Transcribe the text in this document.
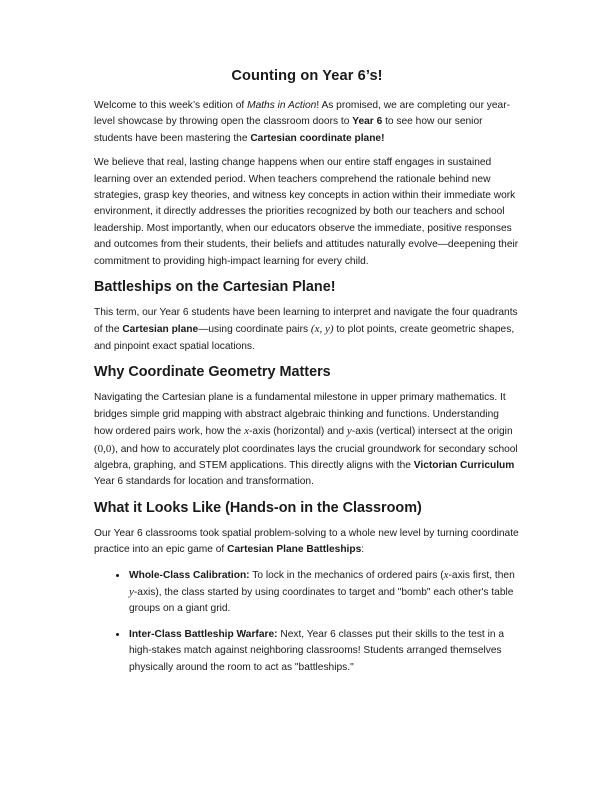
Counting on Year 6’s!

Welcome to this week’s edition of Maths in Action! As promised, we are completing our year-level showcase by throwing open the classroom doors to Year 6 to see how our senior students have been mastering the Cartesian coordinate plane!

We believe that real, lasting change happens when our entire staff engages in sustained learning over an extended period. When teachers comprehend the rationale behind new strategies, grasp key theories, and witness key concepts in action within their immediate work environment, it directly addresses the priorities recognized by both our teachers and school leadership. Most importantly, when our educators observe the immediate, positive responses and outcomes from their students, their beliefs and attitudes naturally evolve—deepening their commitment to providing high-impact learning for every child.

Battleships on the Cartesian Plane!

This term, our Year 6 students have been learning to interpret and navigate the four quadrants of the Cartesian plane—using coordinate pairs (x, y) to plot points, create geometric shapes, and pinpoint exact spatial locations.

Why Coordinate Geometry Matters

Navigating the Cartesian plane is a fundamental milestone in upper primary mathematics. It bridges simple grid mapping with abstract algebraic thinking and functions. Understanding how ordered pairs work, how the x-axis (horizontal) and y-axis (vertical) intersect at the origin (0,0), and how to accurately plot coordinates lays the crucial groundwork for secondary school algebra, graphing, and STEM applications. This directly aligns with the Victorian Curriculum Year 6 standards for location and transformation.

What it Looks Like (Hands-on in the Classroom)

Our Year 6 classrooms took spatial problem-solving to a whole new level by turning coordinate practice into an epic game of Cartesian Plane Battleships:

• Whole-Class Calibration: To lock in the mechanics of ordered pairs (x-axis first, then y-axis), the class started by using coordinates to target and "bomb" each other's table groups on a giant grid.
• Inter-Class Battleship Warfare: Next, Year 6 classes put their skills to the test in a high-stakes match against neighboring classrooms! Students arranged themselves physically around the room to act as "battleships."
